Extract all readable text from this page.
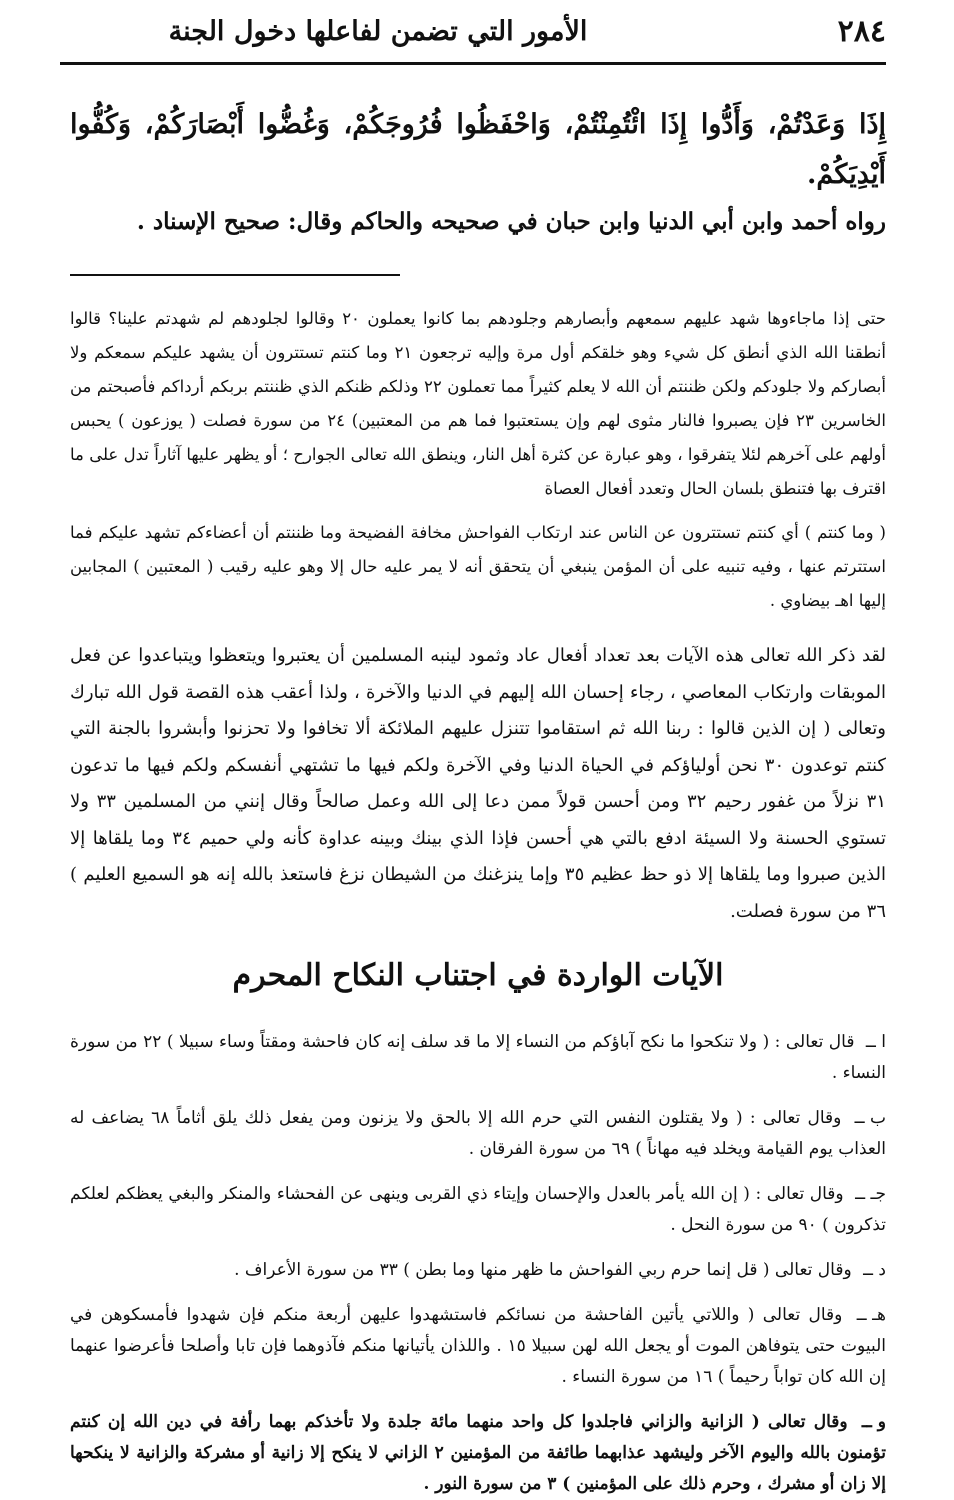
٢٨٤
الأمور التي تضمن لفاعلها دخول الجنة
إِذَا وَعَدْتُمْ، وَأَدُّوا إِذَا ائْتُمِنْتُمْ، وَاحْفَظُوا فُرُوجَكُمْ، وَغُضُّوا أَبْصَارَكُمْ، وَكُفُّوا أَيْدِيَكُمْ.
رواه أحمد وابن أبي الدنيا وابن حبان في صحيحه والحاكم وقال: صحيح الإسناد .

حتى إذا ماجاءوها شهد عليهم سمعهم وأبصارهم وجلودهم بما كانوا يعملون ٢٠ وقالوا لجلودهم لم شهدتم علينا؟ قالوا أنطقنا الله الذي أنطق كل شيء وهو خلقكم أول مرة وإليه ترجعون ٢١ وما كنتم تستترون أن يشهد عليكم سمعكم ولا أبصاركم ولا جلودكم ولكن ظننتم أن الله لا يعلم كثيراً مما تعملون ٢٢ وذلكم ظنكم الذي ظننتم بربكم أرداكم فأصبحتم من الخاسرين ٢٣ فإن يصبروا فالنار مثوى لهم وإن يستعتبوا فما هم من المعتبين) ٢٤ من سورة فصلت ( يوزعون ) يحبس أولهم على آخرهم لئلا يتفرقوا ، وهو عبارة عن كثرة أهل النار، وينطق الله تعالى الجوارح ؛ أو يظهر عليها آثاراً تدل على ما اقترف بها فتنطق بلسان الحال وتعدد أفعال العصاة

( وما كنتم ) أي كنتم تستترون عن الناس عند ارتكاب الفواحش مخافة الفضيحة وما ظننتم أن أعضاءكم تشهد عليكم فما استترتم عنها ، وفيه تنبيه على أن المؤمن ينبغي أن يتحقق أنه لا يمر عليه حال إلا وهو عليه رقيب ( المعتبين ) المجابين إليها اهـ بيضاوي .

لقد ذكر الله تعالى هذه الآيات بعد تعداد أفعال عاد وثمود لينبه المسلمين أن يعتبروا ويتعظوا ويتباعدوا عن فعل الموبقات وارتكاب المعاصي ، رجاء إحسان الله إليهم في الدنيا والآخرة ، ولذا أعقب هذه القصة قول الله تبارك وتعالى ( إن الذين قالوا : ربنا الله ثم استقاموا تتنزل عليهم الملائكة ألا تخافوا ولا تحزنوا وأبشروا بالجنة التي كنتم توعدون ٣٠ نحن أولياؤكم في الحياة الدنيا وفي الآخرة ولكم فيها ما تشتهي أنفسكم ولكم فيها ما تدعون ٣١ نزلاً من غفور رحيم ٣٢ ومن أحسن قولاً ممن دعا إلى الله وعمل صالحاً وقال إنني من المسلمين ٣٣ ولا تستوي الحسنة ولا السيئة ادفع بالتي هي أحسن فإذا الذي بينك وبينه عداوة كأنه ولي حميم ٣٤ وما يلقاها إلا الذين صبروا وما يلقاها إلا ذو حظ عظيم ٣٥ وإما ينزغنك من الشيطان نزغ فاستعذ بالله إنه هو السميع العليم ) ٣٦ من سورة فصلت.

الآيات الواردة في اجتناب النكاح المحرم
ا ــ قال تعالى : ( ولا تنكحوا ما نكح آباؤكم من النساء إلا ما قد سلف إنه كان فاحشة ومقتاً وساء سبيلا ) ٢٢ من سورة النساء .
ب ــ وقال تعالى : ( ولا يقتلون النفس التي حرم الله إلا بالحق ولا يزنون ومن يفعل ذلك يلق أثاماً ٦٨ يضاعف له العذاب يوم القيامة ويخلد فيه مهاناً ) ٦٩ من سورة الفرقان .
جـ ــ وقال تعالى : ( إن الله يأمر بالعدل والإحسان وإيتاء ذي القربى وينهى عن الفحشاء والمنكر والبغي يعظكم لعلكم تذكرون ) ٩٠ من سورة النحل .
د ــ وقال تعالى ( قل إنما حرم ربي الفواحش ما ظهر منها وما بطن ) ٣٣ من سورة الأعراف .
هـ ــ وقال تعالى ( واللاتي يأتين الفاحشة من نسائكم فاستشهدوا عليهن أربعة منكم فإن شهدوا فأمسكوهن في البيوت حتى يتوفاهن الموت أو يجعل الله لهن سبيلا ١٥ . واللذان يأتيانها منكم فآذوهما فإن تابا وأصلحا فأعرضوا عنهما إن الله كان تواباً رحيماً ) ١٦ من سورة النساء .
و ــ وقال تعالى ( الزانية والزاني فاجلدوا كل واحد منهما مائة جلدة ولا تأخذكم بهما رأفة في دين الله إن كنتم تؤمنون بالله واليوم الآخر وليشهد عذابهما طائفة من المؤمنين ٢ الزاني لا ينكح إلا زانية أو مشركة والزانية لا ينكحها إلا زان أو مشرك ، وحرم ذلك على المؤمنين ) ٣ من سورة النور .
